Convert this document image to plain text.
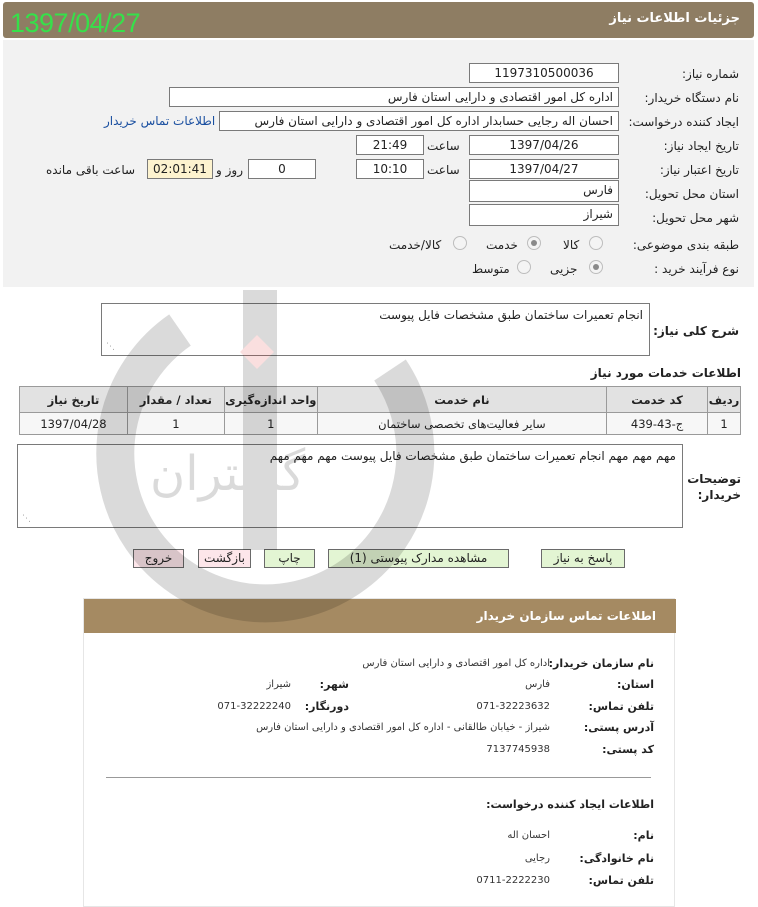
1397/04/27	جزئیات اطلاعات نیاز
شماره نیاز:
1197310500036
نام دستگاه خریدار:
اداره کل امور اقتصادی و دارایی استان فارس
ایجاد کننده درخواست:
احسان اله رجایی حسابدار اداره کل امور اقتصادی و دارایی استان فارس
اطلاعات تماس خریدار
تاریخ ایجاد نیاز:
1397/04/26
ساعت
21:49
تاریخ اعتبار نیاز:
1397/04/27
ساعت
10:10
0
روز و
02:01:41
ساعت باقی مانده
استان محل تحویل:
فارس
شهر محل تحویل:
شیراز
طبقه بندی موضوعی:
کالا
خدمت
کالا/خدمت
نوع فرآیند خرید :
جزیی
متوسط
انجام تعمیرات ساختمان طبق مشخصات فایل پیوست
⋰
شرح کلی نیاز:
اطلاعات خدمات مورد نیاز
ردیف	کد خدمت	نام خدمت	واحد اندازه‌گیری	تعداد / مقدار	تاریخ نیاز
1	ج-43-439	سایر فعالیت‌های تخصصی ساختمان	1	1	1397/04/28
مهم مهم مهم انجام تعمیرات ساختمان طبق مشخصات فایل پیوست مهم مهم مهم
⋰
توضیحات
خریدار:
پاسخ به نیاز
مشاهده مدارک پیوستی (1)
چاپ
بازگشت
خروج
اطلاعات تماس سازمان خریدار
نام سازمان خریدار:
اداره کل امور اقتصادی و دارایی استان فارس
استان:
فارس
شهر:
شیراز
تلفن تماس:
071-32223632
دورنگار:
071-32222240
آدرس پستی:
شیراز - خیابان طالقانی - اداره کل امور اقتصادی و دارایی استان فارس
کد پستی:
7137745938
اطلاعات ایجاد کننده درخواست:
نام:
احسان اله
نام خانوادگی:
رجایی
تلفن تماس:
0711-2222230
